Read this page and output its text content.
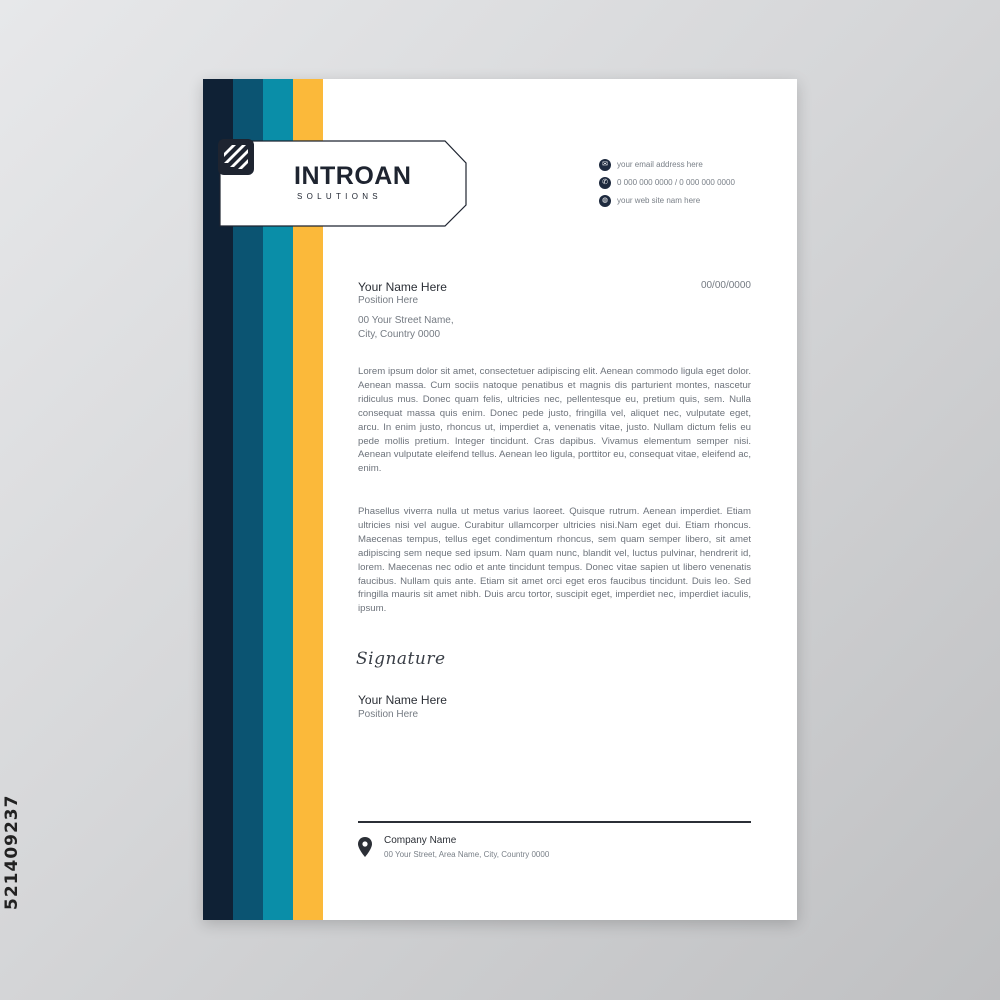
521409237
INTROAN
SOLUTIONS
✉	your email address here
✆	0 000 000 0000 / 0 000 000 0000
◍	your web site nam here
Your Name Here
Position Here
00 Your Street Name,
City, Country 0000
00/00/0000

Lorem ipsum dolor sit amet, consectetuer adipiscing elit. Aenean commodo ligula eget dolor. Aenean massa. Cum sociis natoque penatibus et magnis dis parturient montes, nascetur ridiculus mus. Donec quam felis, ultricies nec, pellentesque eu, pretium quis, sem. Nulla consequat massa quis enim. Donec pede justo, fringilla vel, aliquet nec, vulputate eget, arcu. In enim justo, rhoncus ut, imperdiet a, venenatis vitae, justo. Nullam dictum felis eu pede mollis pretium. Integer tincidunt. Cras dapibus. Vivamus elementum semper nisi. Aenean vulputate eleifend tellus. Aenean leo ligula, porttitor eu, consequat vitae, eleifend ac, enim.

Phasellus viverra nulla ut metus varius laoreet. Quisque rutrum. Aenean imperdiet. Etiam ultricies nisi vel augue. Curabitur ullamcorper ultricies nisi.Nam eget dui. Etiam rhoncus. Maecenas tempus, tellus eget condimentum rhoncus, sem quam semper libero, sit amet adipiscing sem neque sed ipsum. Nam quam nunc, blandit vel, luctus pulvinar, hendrerit id, lorem. Maecenas nec odio et ante tincidunt tempus. Donec vitae sapien ut libero venenatis faucibus. Nullam quis ante. Etiam sit amet orci eget eros faucibus tincidunt. Duis leo. Sed fringilla mauris sit amet nibh. Duis arcu tortor, suscipit eget, imperdiet nec, imperdiet iaculis, ipsum.

Signature
Your Name Here
Position Here
Company Name
00 Your Street, Area Name, City, Country 0000
